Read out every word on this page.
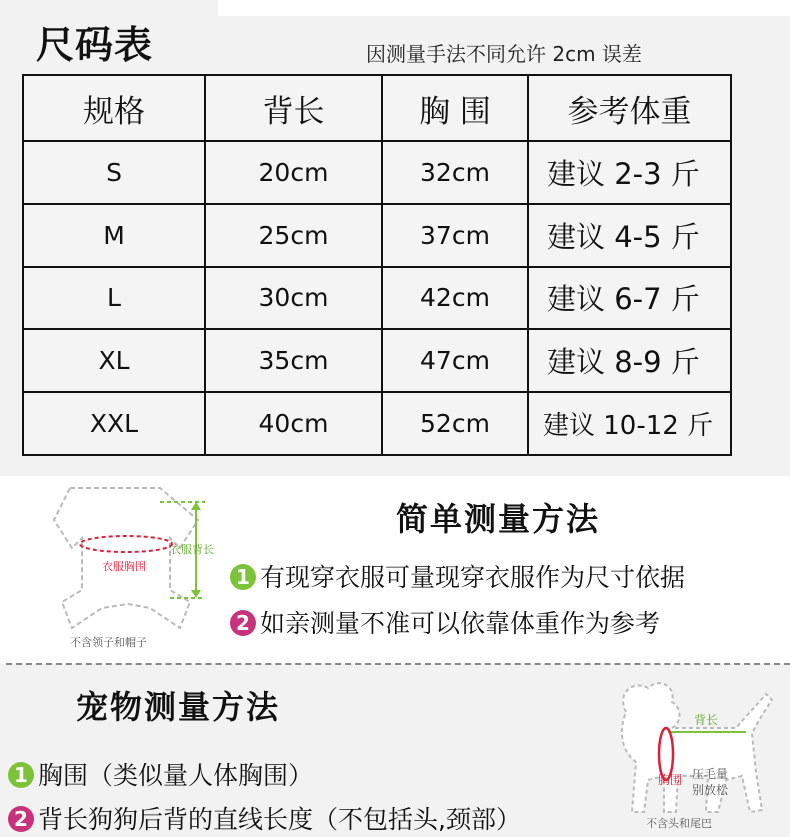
尺码表	因测量手法不同允许 2cm 误差
规格	背长	胸 围	参考体重
S	20cm	32cm	建议 2-3 斤
M	25cm	37cm	建议 4-5 斤
L	30cm	42cm	建议 6-7 斤
XL	35cm	47cm	建议 8-9 斤
XXL	40cm	52cm	建议 10-12 斤
衣服背长
衣服胸围
不含领子和帽子
简单测量方法
1 有现穿衣服可量现穿衣服作为尺寸依据
2 如亲测量不准可以依靠体重作为参考
宠物测量方法
1 胸围（类似量人体胸围）
2 背长狗狗后背的直线长度（不包括头,颈部）
背长
胸围 压毛量
别放松
不含头和尾巴
